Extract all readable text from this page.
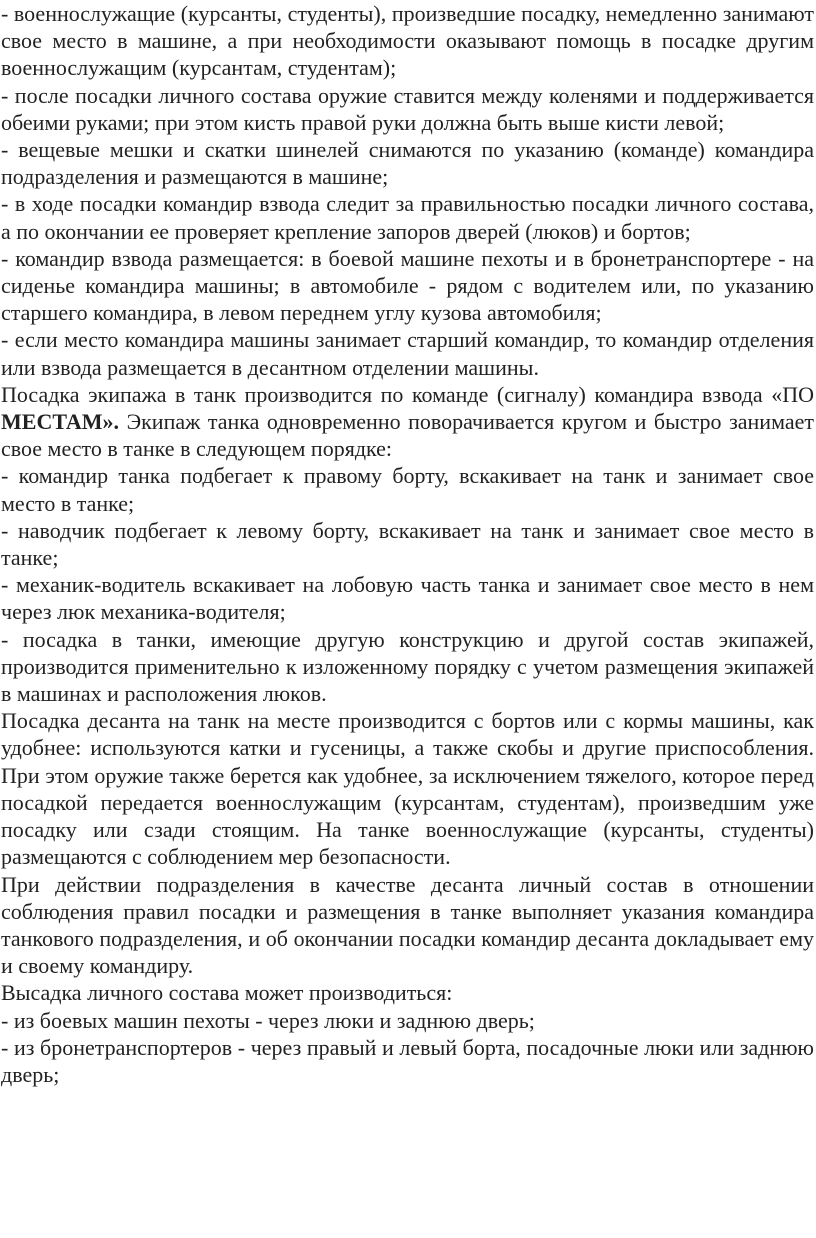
- военнослужащие (курсанты, студенты), произведшие посадку, немедленно занимают свое место в машине, а при необходимости оказывают помощь в посадке другим военнослужащим (курсантам, студентам);

- после посадки личного состава оружие ставится между коленями и поддерживается обеими руками; при этом кисть правой руки должна быть выше кисти левой;

- вещевые мешки и скатки шинелей снимаются по указанию (команде) командира подразделения и размещаются в машине;

- в ходе посадки командир взвода следит за правильностью посадки личного состава, а по окончании ее проверяет крепление запоров дверей (люков) и бортов;

- командир взвода размещается: в боевой машине пехоты и в бронетранспортере - на сиденье командира машины; в автомобиле - рядом с водителем или, по указанию старшего командира, в левом переднем углу кузова автомобиля;

- если место командира машины занимает старший командир, то командир отделения или взвода размещается в десантном отделении машины.

Посадка экипажа в танк производится по команде (сигналу) командира взвода «ПО МЕСТАМ». Экипаж танка одновременно поворачивается кругом и быстро занимает свое место в танке в следующем порядке:

- командир танка подбегает к правому борту, вскакивает на танк и занимает свое место в танке;

- наводчик подбегает к левому борту, вскакивает на танк и занимает свое место в танке;

- механик-водитель вскакивает на лобовую часть танка и занимает свое место в нем через люк механика-водителя;

- посадка в танки, имеющие другую конструкцию и другой состав экипажей, производится применительно к изложенному порядку с учетом размещения экипажей в машинах и расположения люков.

Посадка десанта на танк на месте производится с бортов или с кормы машины, как удобнее: используются катки и гусеницы, а также скобы и другие приспособления. При этом оружие также берется как удобнее, за исключением тяжелого, которое перед посадкой передается военнослужащим (курсантам, студентам), произведшим уже посадку или сзади стоящим. На танке военнослужащие (курсанты, студенты) размещаются с соблюдением мер безопасности.

При действии подразделения в качестве десанта личный состав в отношении соблюдения правил посадки и размещения в танке выполняет указания командира танкового подразделения, и об окончании посадки командир десанта докладывает ему и своему командиру.

Высадка личного состава может производиться:

- из боевых машин пехоты - через люки и заднюю дверь;

- из бронетранспортеров - через правый и левый борта, посадочные люки или заднюю дверь;
